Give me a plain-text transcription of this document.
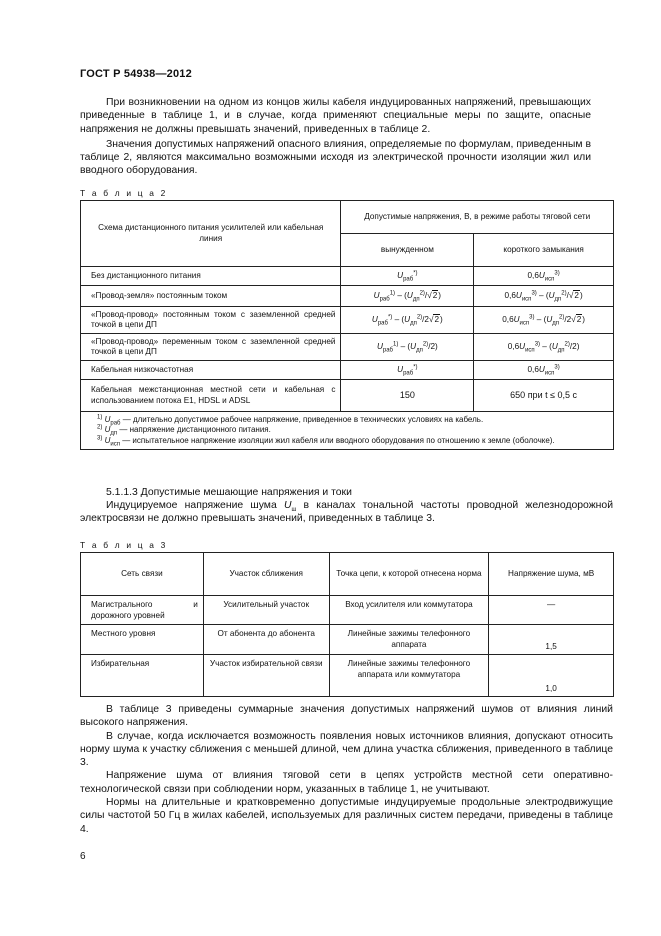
ГОСТ Р 54938—2012

При возникновении на одном из концов жилы кабеля индуцированных напряжений, превышающих приведенные в таблице 1, и в случае, когда применяют специальные меры по защите, опасные напряжения не должны превышать значений, приведенных в таблице 2.

Значения допустимых напряжений опасного влияния, определяемые по формулам, приведенным в таблице 2, являются максимально возможными исходя из электрической прочности изоляции жил или вводного оборудования.

Т а б л и ц а 2
Схема дистанционного питания усилителей или кабельная линия	Допустимые напряжения, В, в режиме работы тяговой сети	
	вынужденном	короткого замыкания
Без дистанционного питания	$U_{раб}^{*)}$	$0,6U_{исп}^{3)}$
«Провод-земля» постоянным током	$U_{раб}^{1)} - (U_{дп}^{2)}/√2)$	$0,6U_{исп}^{3)} - (U_{дп}^{2)}/√2)$
«Провод-провод» постоянным током с заземленной средней точкой в цепи ДП	$U_{раб}^{*)} - (U_{дп}^{2)}/2√2)$	$0,6U_{исп}^{3)} - (U_{дп}^{2)}/2√2)$
«Провод-провод» переменным током с заземленной средней точкой в цепи ДП	$U_{раб}^{1)} - (U_{дп}^{2)}/2)$	$0,6U_{исп}^{3)} - (U_{дп}^{2)}/2)$
Кабельная низкочастотная	$U_{раб}^{*)}$	$0,6U_{исп}^{3)}$
Кабельная межстанционная местной сети и кабельная с использованием потока E1, HDSL и ADSL	150	650 при t ≤ 0,5 с

$^{1)}$ $U_{раб}$ — длительно допустимое рабочее напряжение, приведенное в технических условиях на кабель.
$^{2)}$ $U_{дп}$ — напряжение дистанционного питания.
$^{3)}$ $U_{исп}$ — испытательное напряжение изоляции жил кабеля или вводного оборудования по отношению к земле (оболочке).		
5.1.1.3 Допустимые мешающие напряжения и токи

Индуцируемое напряжение шума $U_ш$ в каналах тональной частоты проводной железнодорожной электросвязи не должно превышать значений, приведенных в таблице 3.

Т а б л и ц а 3
Сеть связи	Участок сближения	Точка цепи, к которой отнесена норма	Напряжение шума, мВ
Магистрального и дорожного уровней	Усилительный участок	Вход усилителя или коммутатора	—
Местного уровня	От абонента до абонента	Линейные зажимы телефонного аппарата	1,5
Избирательная	Участок избирательной связи	Линейные зажимы телефонного аппарата или коммутатора	1,0

В таблице 3 приведены суммарные значения допустимых напряжений шумов от влияния линий высокого напряжения.

В случае, когда исключается возможность появления новых источников влияния, допускают относить норму шума к участку сближения с меньшей длиной, чем длина участка сближения, приведенного в таблице 3.

Напряжение шума от влияния тяговой сети в цепях устройств местной сети оперативно-технологической связи при соблюдении норм, указанных в таблице 1, не учитывают.

Нормы на длительные и кратковременно допустимые индуцируемые продольные электродвижущие силы частотой 50 Гц в жилах кабелей, используемых для различных систем передачи, приведены в таблице 4.

6
